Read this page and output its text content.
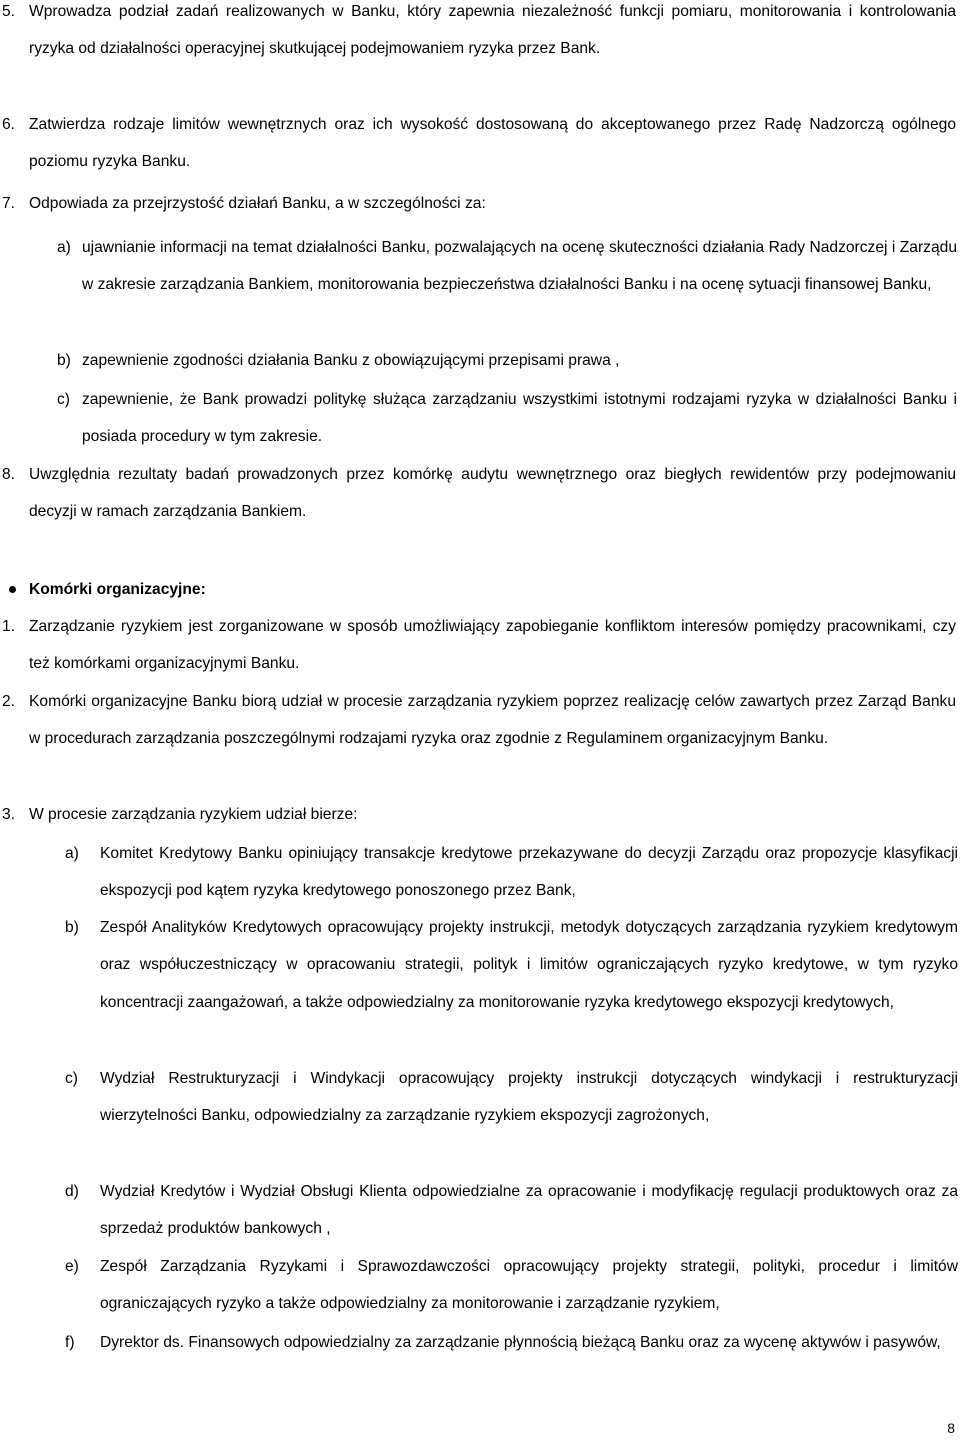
5. Wprowadza podział zadań realizowanych w Banku, który zapewnia niezależność funkcji pomiaru, monitorowania i kontrolowania ryzyka od działalności operacyjnej skutkującej podejmowaniem ryzyka przez Bank.
6. Zatwierdza rodzaje limitów wewnętrznych oraz ich wysokość dostosowaną do akceptowanego przez Radę Nadzorczą ogólnego poziomu ryzyka Banku.
7. Odpowiada za przejrzystość działań Banku, a w szczególności za:
a) ujawnianie informacji na temat działalności Banku, pozwalających na ocenę skuteczności działania Rady Nadzorczej i Zarządu w zakresie zarządzania Bankiem, monitorowania bezpieczeństwa działalności Banku i na ocenę sytuacji finansowej Banku,
b) zapewnienie zgodności działania Banku z obowiązującymi przepisami prawa ,
c) zapewnienie, że Bank prowadzi politykę służąca zarządzaniu wszystkimi istotnymi rodzajami ryzyka w działalności Banku i posiada procedury w tym zakresie.
8. Uwzględnia rezultaty badań prowadzonych przez komórkę audytu wewnętrznego oraz biegłych rewidentów przy podejmowaniu decyzji w ramach zarządzania Bankiem.
Komórki organizacyjne:
1. Zarządzanie ryzykiem jest zorganizowane w sposób umożliwiający zapobieganie konfliktom interesów pomiędzy pracownikami, czy też komórkami organizacyjnymi Banku.
2. Komórki organizacyjne Banku biorą udział w procesie zarządzania ryzykiem poprzez realizację celów zawartych przez Zarząd Banku w procedurach zarządzania poszczególnymi rodzajami ryzyka oraz zgodnie z Regulaminem organizacyjnym Banku.
3. W procesie zarządzania ryzykiem udział bierze:
a) Komitet Kredytowy Banku opiniujący transakcje kredytowe przekazywane do decyzji Zarządu oraz propozycje klasyfikacji ekspozycji pod kątem ryzyka kredytowego ponoszonego przez Bank,
b) Zespół Analityków Kredytowych opracowujący projekty instrukcji, metodyk dotyczących zarządzania ryzykiem kredytowym oraz współuczestniczący w opracowaniu strategii, polityk i limitów ograniczających ryzyko kredytowe, w tym ryzyko koncentracji zaangażowań, a także odpowiedzialny za monitorowanie ryzyka kredytowego ekspozycji kredytowych,
c) Wydział Restrukturyzacji i Windykacji opracowujący projekty instrukcji dotyczących windykacji i restrukturyzacji wierzytelności Banku, odpowiedzialny za zarządzanie ryzykiem ekspozycji zagrożonych,
d) Wydział Kredytów i Wydział Obsługi Klienta odpowiedzialne za opracowanie i modyfikację regulacji produktowych oraz za sprzedaż produktów bankowych ,
e) Zespół Zarządzania Ryzykami i Sprawozdawczości opracowujący projekty strategii, polityki, procedur i limitów ograniczających ryzyko a także odpowiedzialny za monitorowanie i zarządzanie ryzykiem,
f) Dyrektor ds. Finansowych odpowiedzialny za zarządzanie płynnością bieżącą Banku oraz za wycenę aktywów i pasywów,
8
